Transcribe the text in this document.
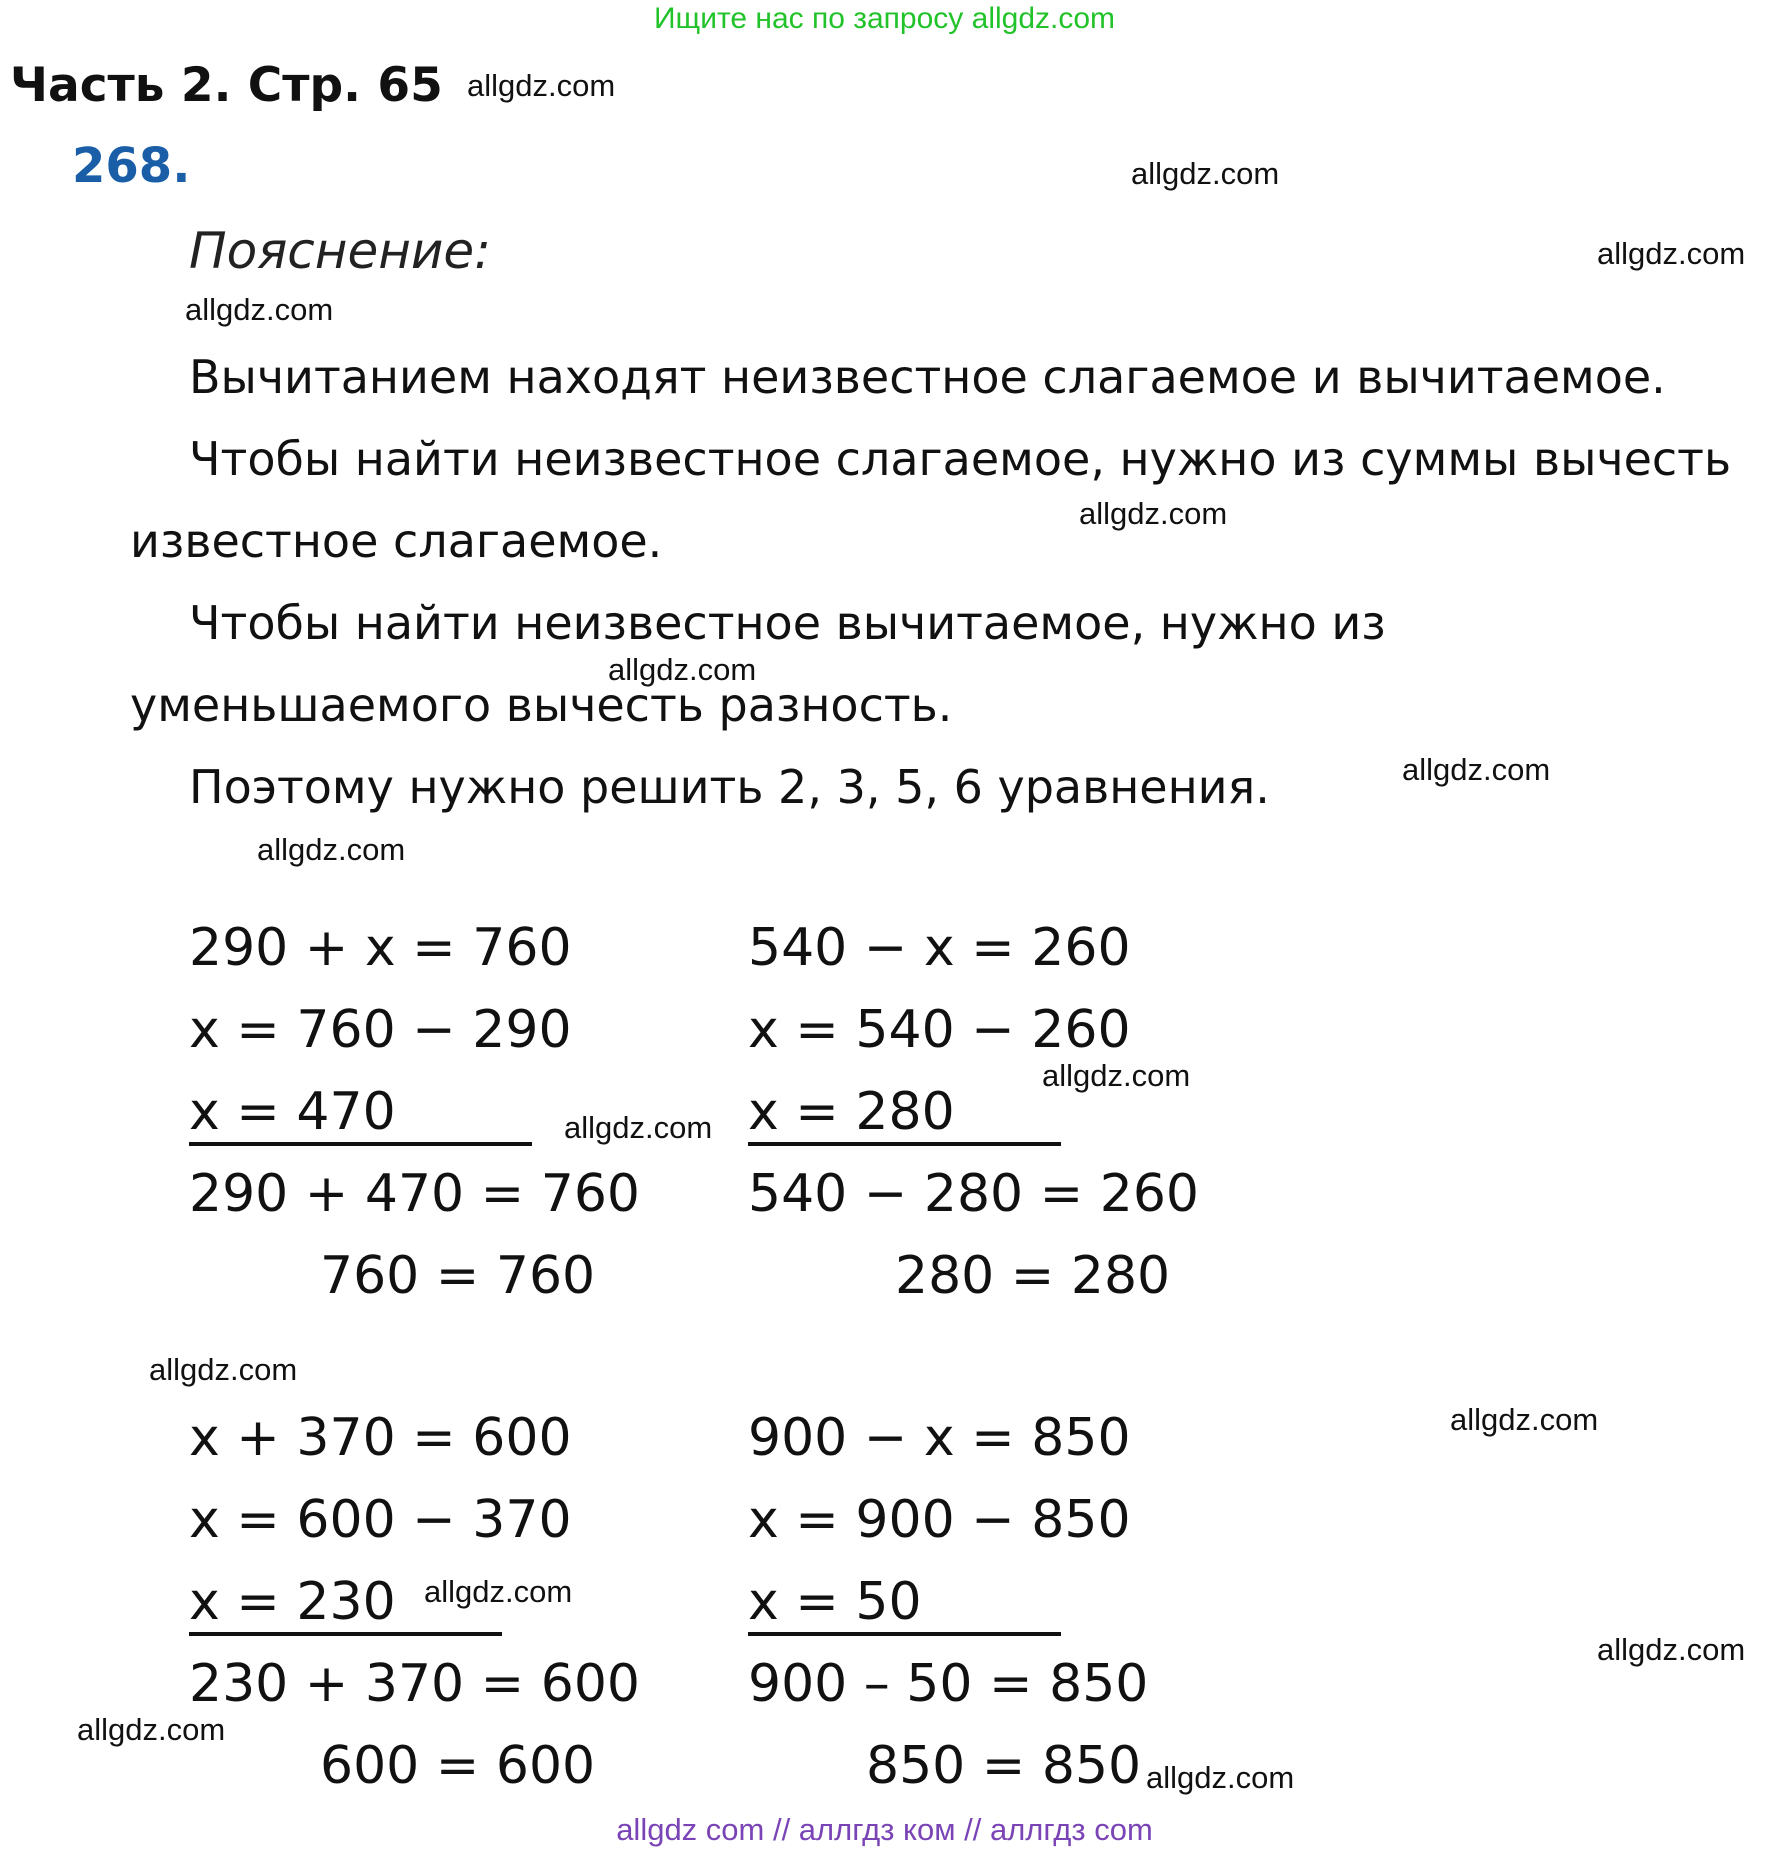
Ищите нас по запросу allgdz.com
Часть 2. Стр. 65
268.
Пояснение:
Вычитанием находят неизвестное слагаемое и вычитаемое.
Чтобы найти неизвестное слагаемое, нужно из суммы вычесть
известное слагаемое.
Чтобы найти неизвестное вычитаемое, нужно из
уменьшаемого вычесть разность.
Поэтому нужно решить 2, 3, 5, 6 уравнения.
290 + x = 760
x = 760 − 290
x = 470
290 + 470 = 760
760 = 760
540 − x = 260
x = 540 − 260
x = 280
540 − 280 = 260
280 = 280
x + 370 = 600
x = 600 − 370
x = 230
230 + 370 = 600
600 = 600
900 − x = 850
x = 900 − 850
x = 50
900 – 50 = 850
850 = 850
allgdz.com
allgdz.com
allgdz.com
allgdz.com
allgdz.com
allgdz.com
allgdz.com
allgdz.com
allgdz.com
allgdz.com
allgdz.com
allgdz.com
allgdz.com
allgdz.com
allgdz.com
allgdz.com
allgdz com // аллгдз ком // аллгдз com
